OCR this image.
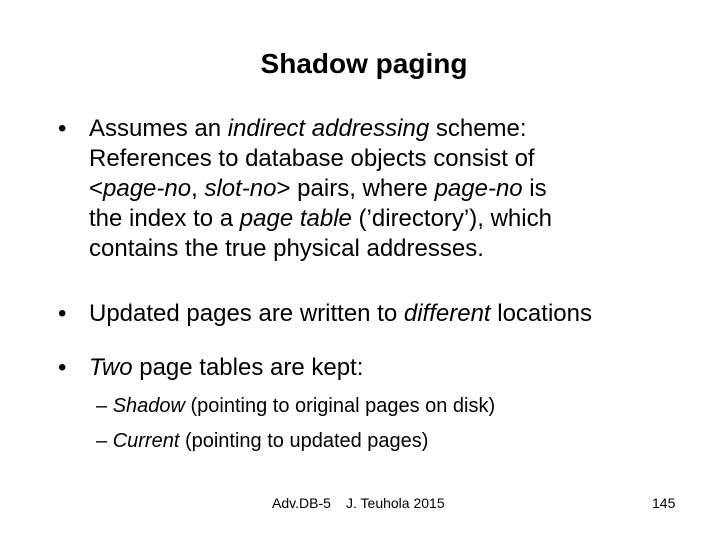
Shadow paging
• Assumes an indirect addressing scheme:
References to database objects consist of
<page-no, slot-no> pairs, where page-no is
the index to a page table (’directory’), which
contains the true physical addresses.
• Updated pages are written to different locations
• Two page tables are kept:
– Shadow (pointing to original pages on disk)
– Current (pointing to updated pages)
Adv.DB-5 J. Teuhola 2015	145
